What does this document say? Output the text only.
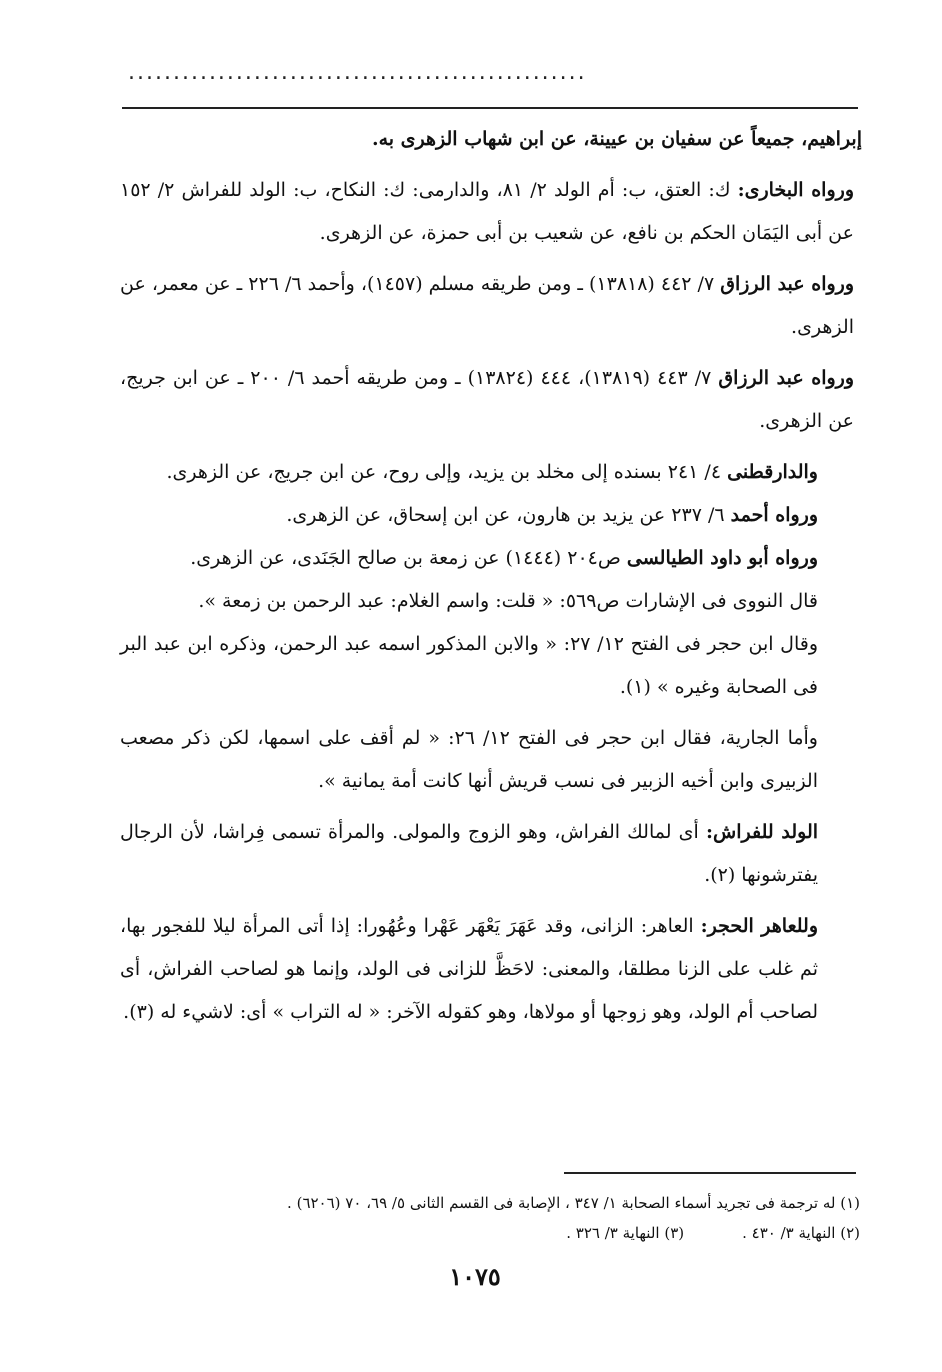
...................................................

إبراهيم، جميعاً عن سفيان بن عيينة، عن ابن شهاب الزهرى به.

ورواه البخارى: ك: العتق، ب: أم الولد ٢/ ٨١، والدارمى: ك: النكاح، ب: الولد للفراش ٢/ ١٥٢ عن أبى اليَمَان الحكم بن نافع، عن شعيب بن أبى حمزة، عن الزهرى.

ورواه عبد الرزاق ٧/ ٤٤٢ (١٣٨١٨) ـ ومن طريقه مسلم (١٤٥٧)، وأحمد ٦/ ٢٢٦ ـ عن معمر، عن الزهرى.

ورواه عبد الرزاق ٧/ ٤٤٣ (١٣٨١٩)، ٤٤٤ (١٣٨٢٤) ـ ومن طريقه أحمد ٦/ ٢٠٠ ـ عن ابن جريج، عن الزهرى.

والدارقطنى ٤/ ٢٤١ بسنده إلى مخلد بن يزيد، وإلى روح، عن ابن جريج، عن الزهرى.

ورواه أحمد ٦/ ٢٣٧ عن يزيد بن هارون، عن ابن إسحاق، عن الزهرى.

ورواه أبو داود الطيالسى ص٢٠٤ (١٤٤٤) عن زمعة بن صالح الجَنَدى، عن الزهرى.

قال النووى فى الإشارات ص٥٦٩: « قلت: واسم الغلام: عبد الرحمن بن زمعة ».

وقال ابن حجر فى الفتح ١٢/ ٢٧: « والابن المذكور اسمه عبد الرحمن، وذكره ابن عبد البر فى الصحابة وغيره » (١).

وأما الجارية، فقال ابن حجر فى الفتح ١٢/ ٢٦: « لم أقف على اسمها، لكن ذكر مصعب الزبيرى وابن أخيه الزبير فى نسب قريش أنها كانت أمة يمانية ».

الولد للفراش: أى لمالك الفراش، وهو الزوج والمولى. والمرأة تسمى فِراشا، لأن الرجال يفترشونها (٢).

وللعاهر الحجر: العاهر: الزانى، وقد عَهَرَ يَعْهَر عَهْرا وعُهُورا: إذا أتى المرأة ليلا للفجور بها، ثم غلب على الزنا مطلقا، والمعنى: لاحَظَّ للزانى فى الولد، وإنما هو لصاحب الفراش، أى لصاحب أم الولد، وهو زوجها أو مولاها، وهو كقوله الآخر: « له التراب » أى: لاشيء له (٣).

(١) له ترجمة فى تجريد أسماء الصحابة ١/ ٣٤٧ ، الإصابة فى القسم الثانى ٥/ ٦٩، ٧٠ (٦٢٠٦) .
(٢) النهاية ٣/ ٤٣٠ .(٣) النهاية ٣/ ٣٢٦ .
١٠٧٥
